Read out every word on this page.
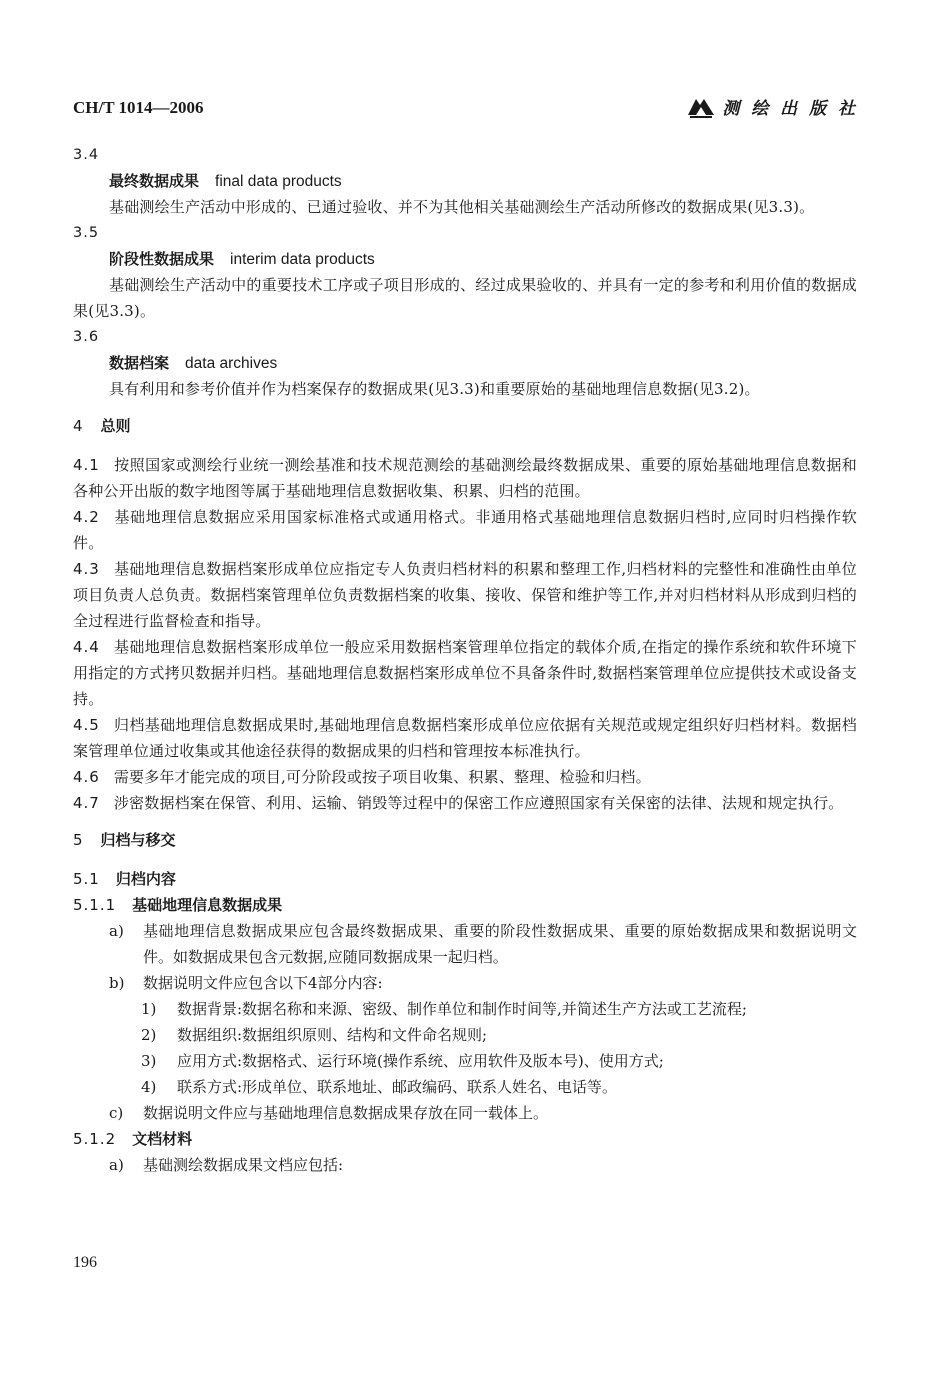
CH/T 1014—2006	测 绘 出 版 社
3.4
最终数据成果 final data products
基础测绘生产活动中形成的、已通过验收、并不为其他相关基础测绘生产活动所修改的数据成果(见3.3)。
3.5
阶段性数据成果 interim data products
基础测绘生产活动中的重要技术工序或子项目形成的、经过成果验收的、并具有一定的参考和利用价值的数据成果(见3.3)。
3.6
数据档案 data archives
具有利用和参考价值并作为档案保存的数据成果(见3.3)和重要原始的基础地理信息数据(见3.2)。
4 总则
4.1 按照国家或测绘行业统一测绘基准和技术规范测绘的基础测绘最终数据成果、重要的原始基础地理信息数据和各种公开出版的数字地图等属于基础地理信息数据收集、积累、归档的范围。
4.2 基础地理信息数据应采用国家标准格式或通用格式。非通用格式基础地理信息数据归档时,应同时归档操作软件。
4.3 基础地理信息数据档案形成单位应指定专人负责归档材料的积累和整理工作,归档材料的完整性和准确性由单位项目负责人总负责。数据档案管理单位负责数据档案的收集、接收、保管和维护等工作,并对归档材料从形成到归档的全过程进行监督检查和指导。
4.4 基础地理信息数据档案形成单位一般应采用数据档案管理单位指定的载体介质,在指定的操作系统和软件环境下用指定的方式拷贝数据并归档。基础地理信息数据档案形成单位不具备条件时,数据档案管理单位应提供技术或设备支持。
4.5 归档基础地理信息数据成果时,基础地理信息数据档案形成单位应依据有关规范或规定组织好归档材料。数据档案管理单位通过收集或其他途径获得的数据成果的归档和管理按本标准执行。
4.6 需要多年才能完成的项目,可分阶段或按子项目收集、积累、整理、检验和归档。
4.7 涉密数据档案在保管、利用、运输、销毁等过程中的保密工作应遵照国家有关保密的法律、法规和规定执行。
5 归档与移交
5.1 归档内容
5.1.1 基础地理信息数据成果
a) 基础地理信息数据成果应包含最终数据成果、重要的阶段性数据成果、重要的原始数据成果和数据说明文件。如数据成果包含元数据,应随同数据成果一起归档。
b) 数据说明文件应包含以下4部分内容:
1) 数据背景:数据名称和来源、密级、制作单位和制作时间等,并简述生产方法或工艺流程;
2) 数据组织:数据组织原则、结构和文件命名规则;
3) 应用方式:数据格式、运行环境(操作系统、应用软件及版本号)、使用方式;
4) 联系方式:形成单位、联系地址、邮政编码、联系人姓名、电话等。
c) 数据说明文件应与基础地理信息数据成果存放在同一载体上。
5.1.2 文档材料
a) 基础测绘数据成果文档应包括:
196
